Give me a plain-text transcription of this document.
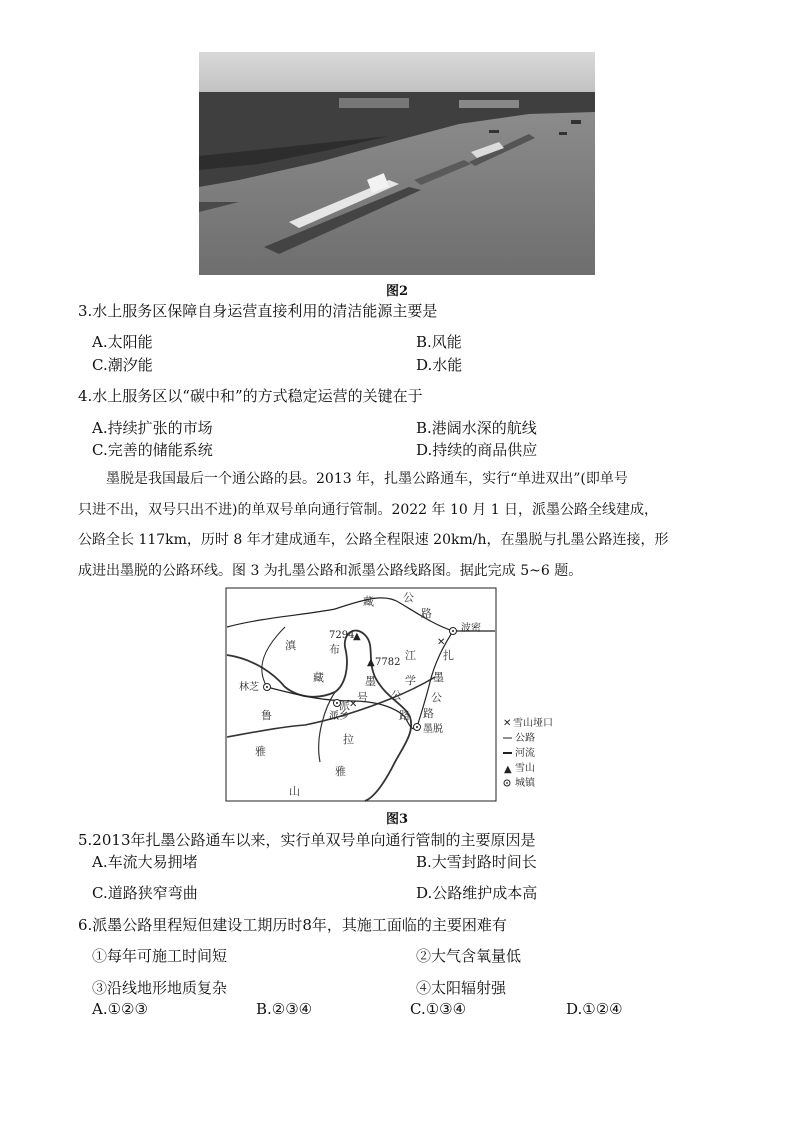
图2
3.水上服务区保障自身运营直接利用的清洁能源主要是
A.太阳能	B.风能
C.潮汐能	D.水能
4.水上服务区以“碳中和”的方式稳定运营的关键在于
A.持续扩张的市场	B.港阔水深的航线
C.完善的储能系统	D.持续的商品供应
墨脱是我国最后一个通公路的县。2013 年，扎墨公路通车，实行“单进双出”(即单号
只进不出，双号只出不进)的单双号单向通行管制。2022 年 10 月 1 日，派墨公路全线建成，
公路全长 117km，历时 8 年才建成通车，公路全程限速 20km/h，在墨脱与扎墨公路连接，形
成进出墨脱的公路环线。图 3 为扎墨公路和派墨公路线路图。据此完成 5~6 题。
✕
✕
▲
7294
▲ 7782
波密
林芝
派乡
墨脱
藏	公
路
滇	布	江
藏
鲁
学
扎
墨
公
路
墨
公
路
号
派
拉
雅
雅
山
✕ 雪山垭口
公路
河流
▲ 雪山
城镇
图3
5.2013年扎墨公路通车以来，实行单双号单向通行管制的主要原因是
A.车流大易拥堵	B.大雪封路时间长
C.道路狭窄弯曲	D.公路维护成本高
6.派墨公路里程短但建设工期历时8年，其施工面临的主要困难有
①每年可施工时间短	②大气含氧量低
③沿线地形地质复杂	④太阳辐射强
A.①②③	B.②③④	C.①③④	D.①②④
